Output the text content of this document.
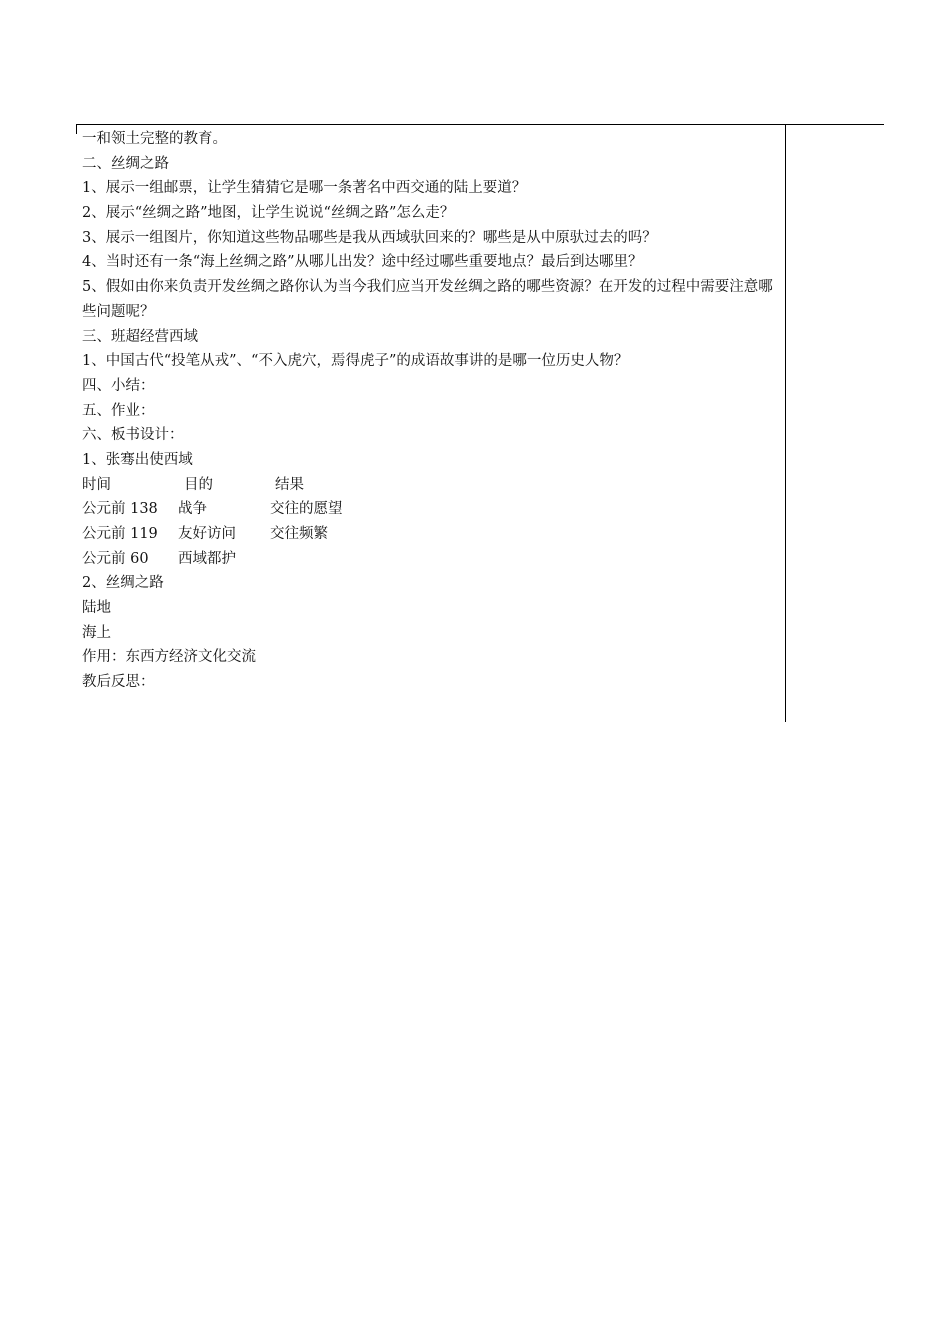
一和领土完整的教育。
二、丝绸之路
1、展示一组邮票，让学生猜猜它是哪一条著名中西交通的陆上要道？
2、展示“丝绸之路”地图，让学生说说“丝绸之路”怎么走？
3、展示一组图片，你知道这些物品哪些是我从西域驮回来的？哪些是从中原驮过去的吗？
4、当时还有一条“海上丝绸之路”从哪儿出发？途中经过哪些重要地点？最后到达哪里？
5、假如由你来负责开发丝绸之路你认为当今我们应当开发丝绸之路的哪些资源？在开发的过程中需要注意哪些问题呢？
三、班超经营西域
1、中国古代“投笔从戎”、“不入虎穴，焉得虎子”的成语故事讲的是哪一位历史人物？
四、小结：
五、作业：
六、板书设计：
1、张骞出使西域
时间	目的	结果
公元前 138	战争	交往的愿望
公元前 119	友好访问	交往频繁
公元前 60	西域都护
2、丝绸之路
陆地
海上
作用：东西方经济文化交流
教后反思：
